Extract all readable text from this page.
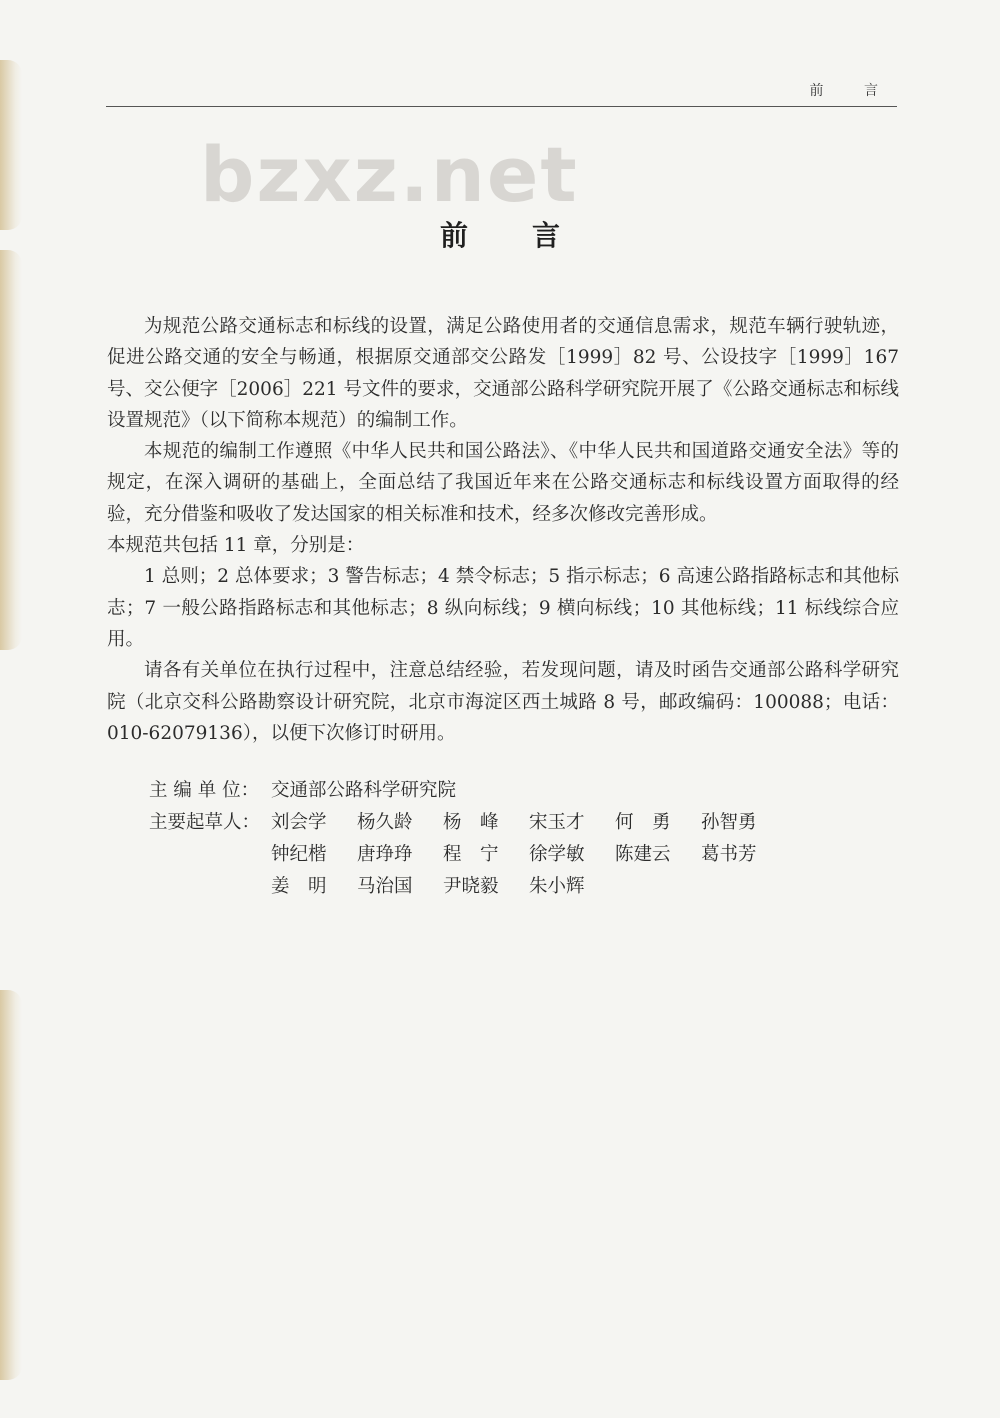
前 言
bzxz.net
前言

为规范公路交通标志和标线的设置，满足公路使用者的交通信息需求，规范车辆行驶轨迹，促进公路交通的安全与畅通，根据原交通部交公路发［1999］82 号、公设技字［1999］167 号、交公便字［2006］221 号文件的要求，交通部公路科学研究院开展了《公路交通标志和标线设置规范》（以下简称本规范）的编制工作。

本规范的编制工作遵照《中华人民共和国公路法》、《中华人民共和国道路交通安全法》等的规定，在深入调研的基础上，全面总结了我国近年来在公路交通标志和标线设置方面取得的经验，充分借鉴和吸收了发达国家的相关标准和技术，经多次修改完善形成。

本规范共包括 11 章，分别是：

1 总则；2 总体要求；3 警告标志；4 禁令标志；5 指示标志；6 高速公路指路标志和其他标志；7 一般公路指路标志和其他标志；8 纵向标线；9 横向标线；10 其他标线；11 标线综合应用。

请各有关单位在执行过程中，注意总结经验，若发现问题，请及时函告交通部公路科学研究院（北京交科公路勘察设计研究院，北京市海淀区西土城路 8 号，邮政编码：100088；电话：010-62079136），以便下次修订时研用。

主 编 单 位： 交通部公路科学研究院
主要起草人： 刘会学	杨久龄	杨　峰	宋玉才	何　勇	孙智勇
钟纪楷	唐琤琤	程　宁	徐学敏	陈建云	葛书芳
姜　明	马治国	尹晓毅	朱小辉
